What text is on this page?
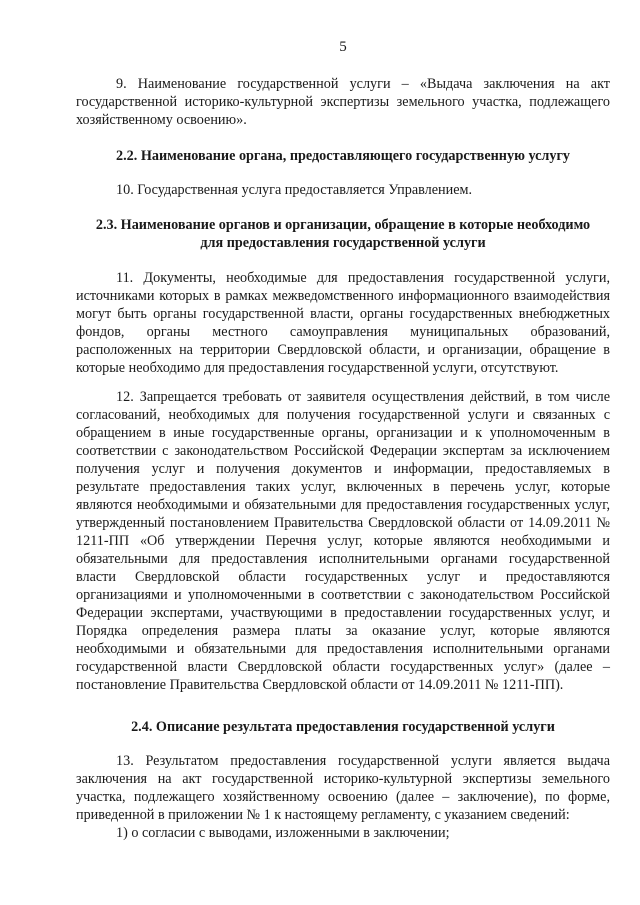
5

9. Наименование государственной услуги – «Выдача заключения на акт государственной историко-культурной экспертизы земельного участка, подлежащего хозяйственному освоению».

2.2. Наименование органа, предоставляющего государственную услугу

10. Государственная услуга предоставляется Управлением.

2.3. Наименование органов и организации, обращение в которые необходимо для предоставления государственной услуги

11. Документы, необходимые для предоставления государственной услуги, источниками которых в рамках межведомственного информационного взаимодействия могут быть органы государственной власти, органы государственных внебюджетных фондов, органы местного самоуправления муниципальных образований, расположенных на территории Свердловской области, и организации, обращение в которые необходимо для предоставления государственной услуги, отсутствуют.

12. Запрещается требовать от заявителя осуществления действий, в том числе согласований, необходимых для получения государственной услуги и связанных с обращением в иные государственные органы, организации и к уполномоченным в соответствии с законодательством Российской Федерации экспертам за исключением получения услуг и получения документов и информации, предоставляемых в результате предоставления таких услуг, включенных в перечень услуг, которые являются необходимыми и обязательными для предоставления государственных услуг, утвержденный постановлением Правительства Свердловской области от 14.09.2011 № 1211-ПП «Об утверждении Перечня услуг, которые являются необходимыми и обязательными для предоставления исполнительными органами государственной власти Свердловской области государственных услуг и предоставляются организациями и уполномоченными в соответствии с законодательством Российской Федерации экспертами, участвующими в предоставлении государственных услуг, и Порядка определения размера платы за оказание услуг, которые являются необходимыми и обязательными для предоставления исполнительными органами государственной власти Свердловской области государственных услуг» (далее – постановление Правительства Свердловской области от 14.09.2011 № 1211-ПП).

2.4. Описание результата предоставления государственной услуги

13. Результатом предоставления государственной услуги является выдача заключения на акт государственной историко-культурной экспертизы земельного участка, подлежащего хозяйственному освоению (далее – заключение), по форме, приведенной в приложении № 1 к настоящему регламенту, с указанием сведений:

1) о согласии с выводами, изложенными в заключении;
